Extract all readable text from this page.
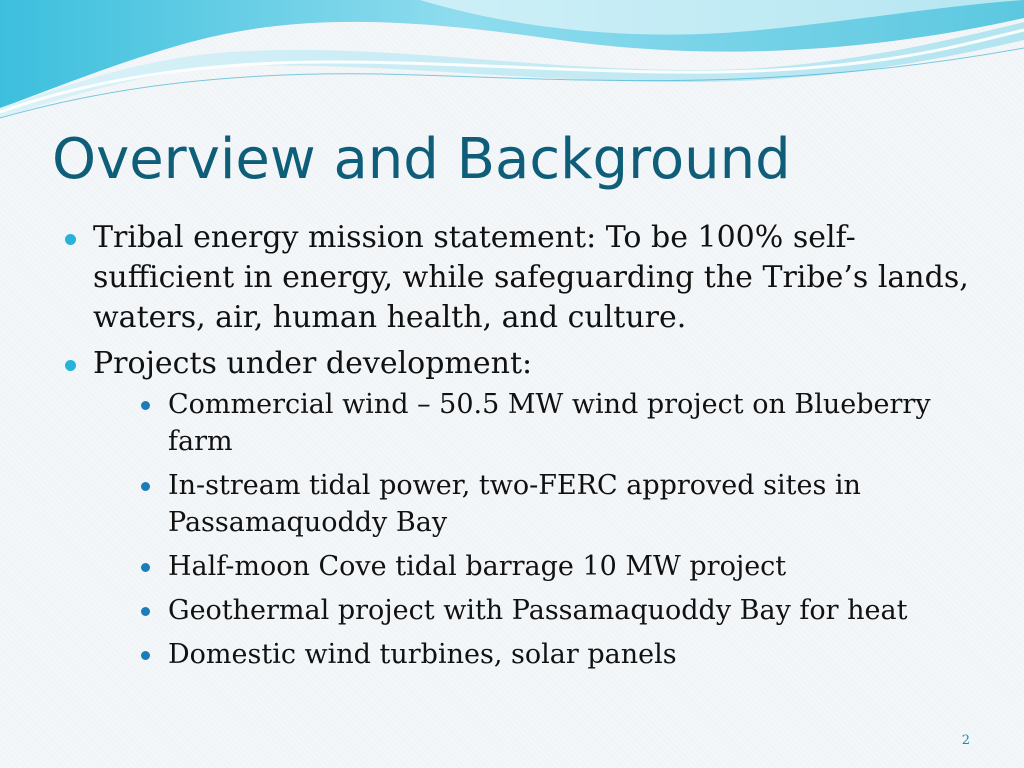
Overview and Background
Tribal energy mission statement: To be 100% self-sufficient in energy, while safeguarding the Tribe’s lands, waters, air, human health, and culture.
Projects under development:
Commercial wind – 50.5 MW wind project on Blueberry farm
In-stream tidal power, two-FERC approved sites in Passamaquoddy Bay
Half-moon Cove tidal barrage 10 MW project
Geothermal project with Passamaquoddy Bay for heat
Domestic wind turbines, solar panels
2
